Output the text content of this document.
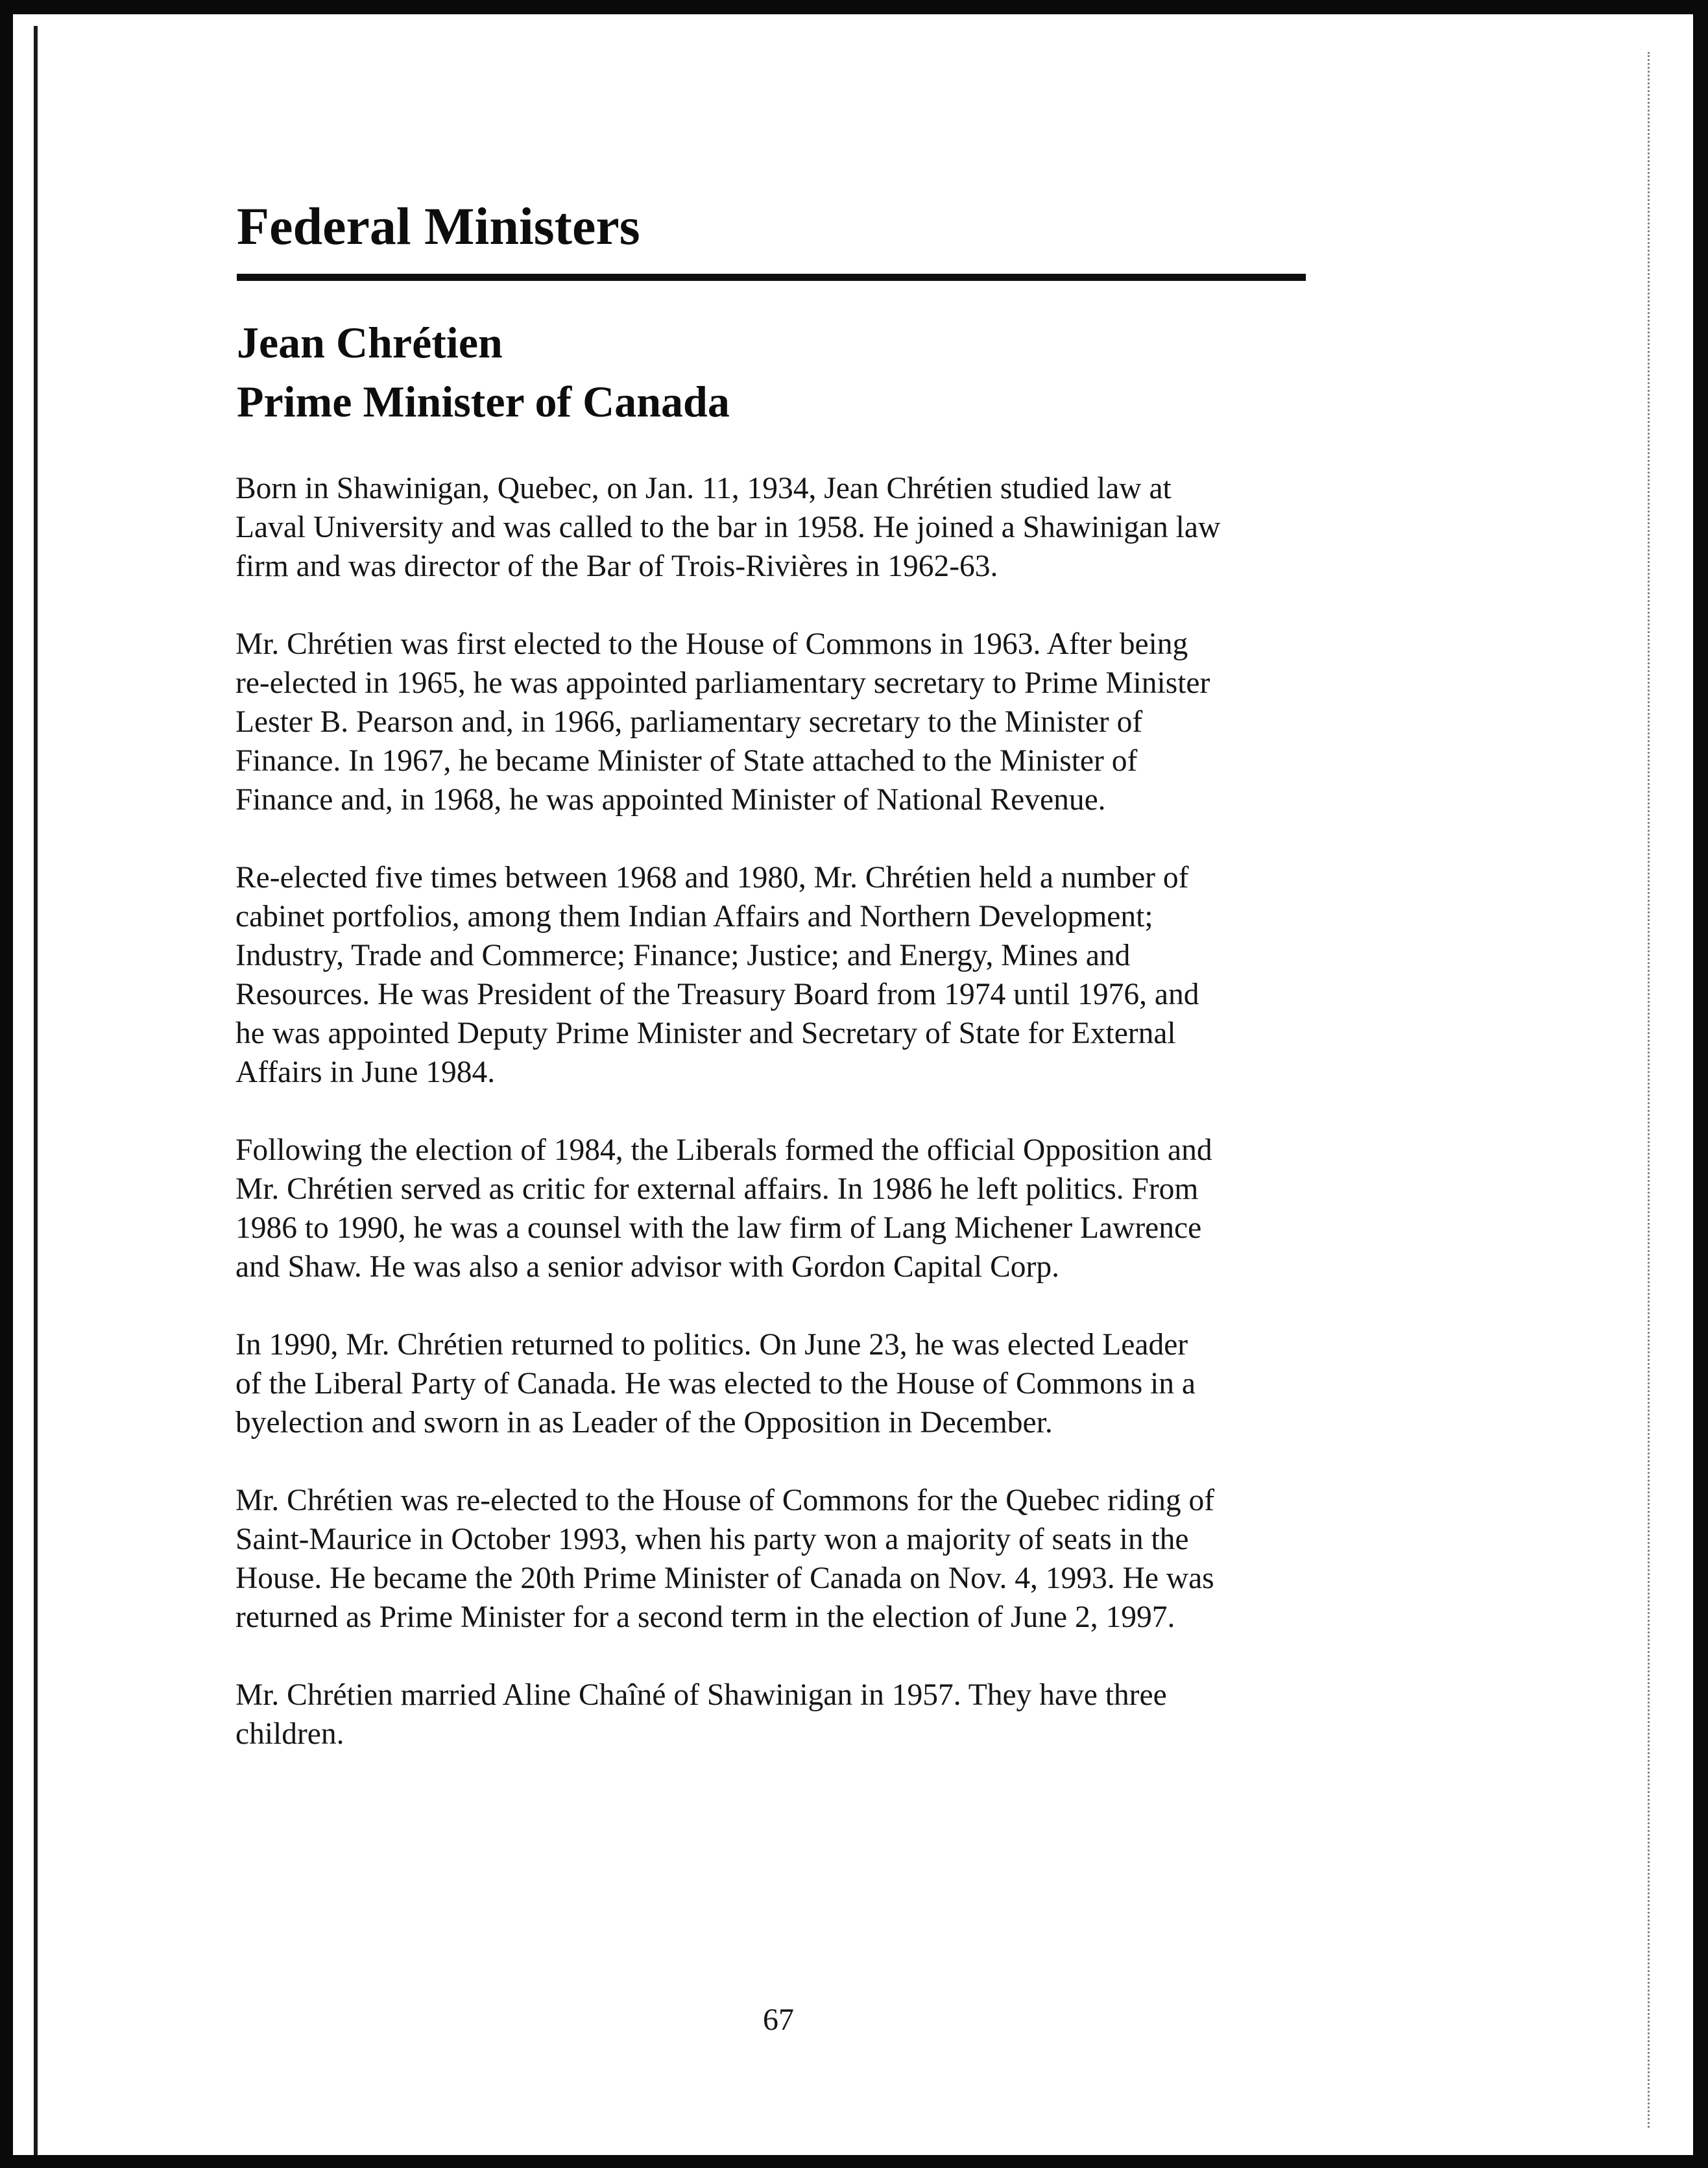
Federal Ministers
Jean Chrétien
Prime Minister of Canada

Born in Shawinigan, Quebec, on Jan. 11, 1934, Jean Chrétien studied law at
Laval University and was called to the bar in 1958. He joined a Shawinigan law
firm and was director of the Bar of Trois-Rivières in 1962-63.

Mr. Chrétien was first elected to the House of Commons in 1963. After being
re-elected in 1965, he was appointed parliamentary secretary to Prime Minister
Lester B. Pearson and, in 1966, parliamentary secretary to the Minister of
Finance. In 1967, he became Minister of State attached to the Minister of
Finance and, in 1968, he was appointed Minister of National Revenue.

Re-elected five times between 1968 and 1980, Mr. Chrétien held a number of
cabinet portfolios, among them Indian Affairs and Northern Development;
Industry, Trade and Commerce; Finance; Justice; and Energy, Mines and
Resources. He was President of the Treasury Board from 1974 until 1976, and
he was appointed Deputy Prime Minister and Secretary of State for External
Affairs in June 1984.

Following the election of 1984, the Liberals formed the official Opposition and
Mr. Chrétien served as critic for external affairs. In 1986 he left politics. From
1986 to 1990, he was a counsel with the law firm of Lang Michener Lawrence
and Shaw. He was also a senior advisor with Gordon Capital Corp.

In 1990, Mr. Chrétien returned to politics. On June 23, he was elected Leader
of the Liberal Party of Canada. He was elected to the House of Commons in a
byelection and sworn in as Leader of the Opposition in December.

Mr. Chrétien was re-elected to the House of Commons for the Quebec riding of
Saint-Maurice in October 1993, when his party won a majority of seats in the
House. He became the 20th Prime Minister of Canada on Nov. 4, 1993. He was
returned as Prime Minister for a second term in the election of June 2, 1997.

Mr. Chrétien married Aline Chaîné of Shawinigan in 1957. They have three
children.

67
